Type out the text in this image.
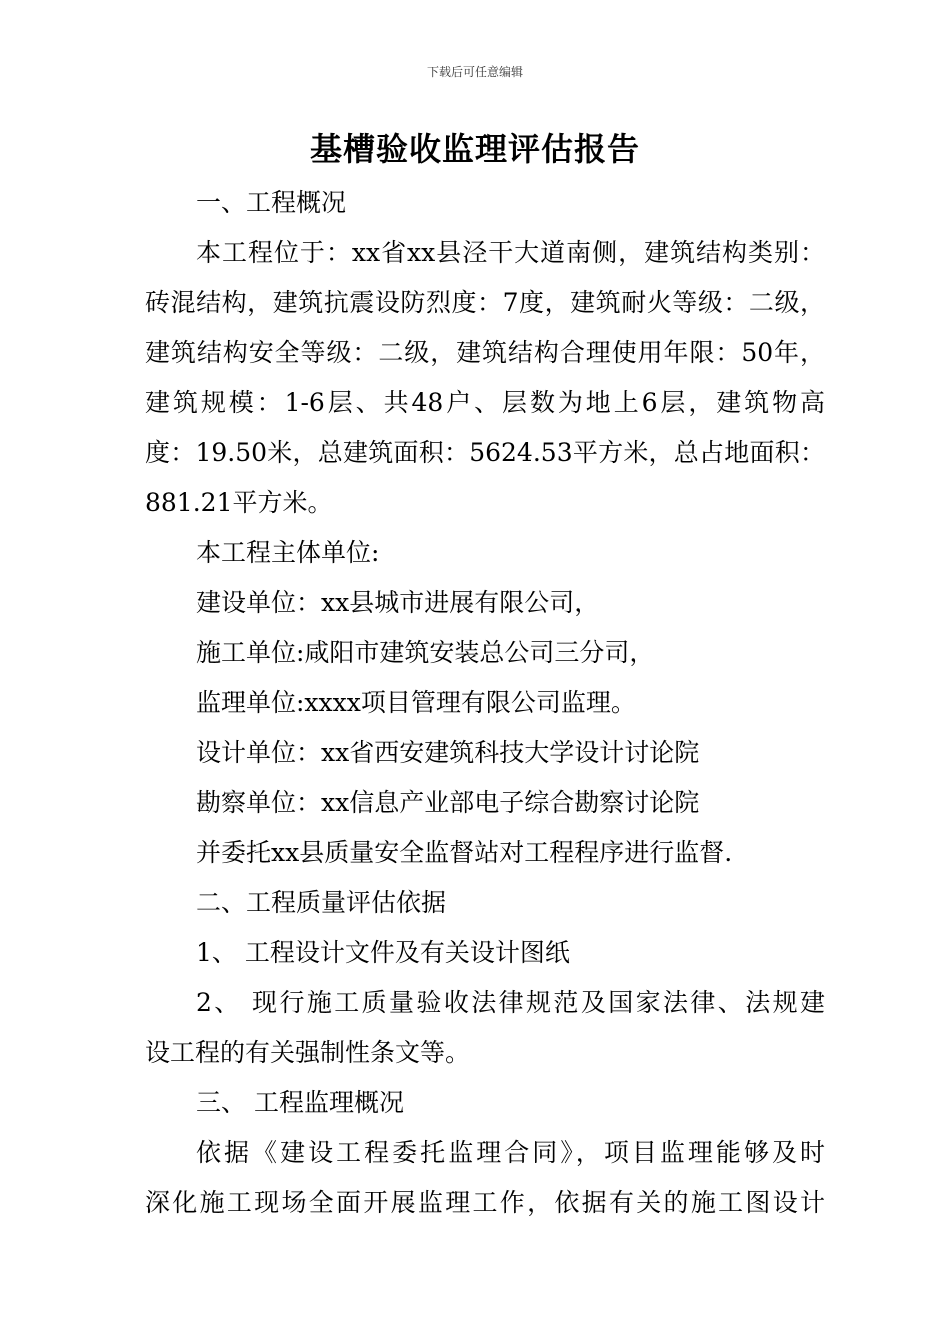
下载后可任意编辑
基槽验收监理评估报告
一、工程概况
本工程位于：xx省xx县泾干大道南侧，建筑结构类别：
砖混结构，建筑抗震设防烈度：7度，建筑耐火等级：二级，
建筑结构安全等级：二级，建筑结构合理使用年限：50年，
建筑规模：1-6层、共48户、层数为地上6层，建筑物高
度：19.50米，总建筑面积：5624.53平方米，总占地面积：
881.21平方米。
本工程主体单位:
建设单位：xx县城市进展有限公司，
施工单位:咸阳市建筑安装总公司三分司，
监理单位:xxxx项目管理有限公司监理。
设计单位：xx省西安建筑科技大学设计讨论院
勘察单位：xx信息产业部电子综合勘察讨论院
并委托xx县质量安全监督站对工程程序进行监督.
二、工程质量评估依据
1、 工程设计文件及有关设计图纸
2、 现行施工质量验收法律规范及国家法律、法规建
设工程的有关强制性条文等。
三、 工程监理概况
依据《建设工程委托监理合同》，项目监理能够及时
深化施工现场全面开展监理工作，依据有关的施工图设计
